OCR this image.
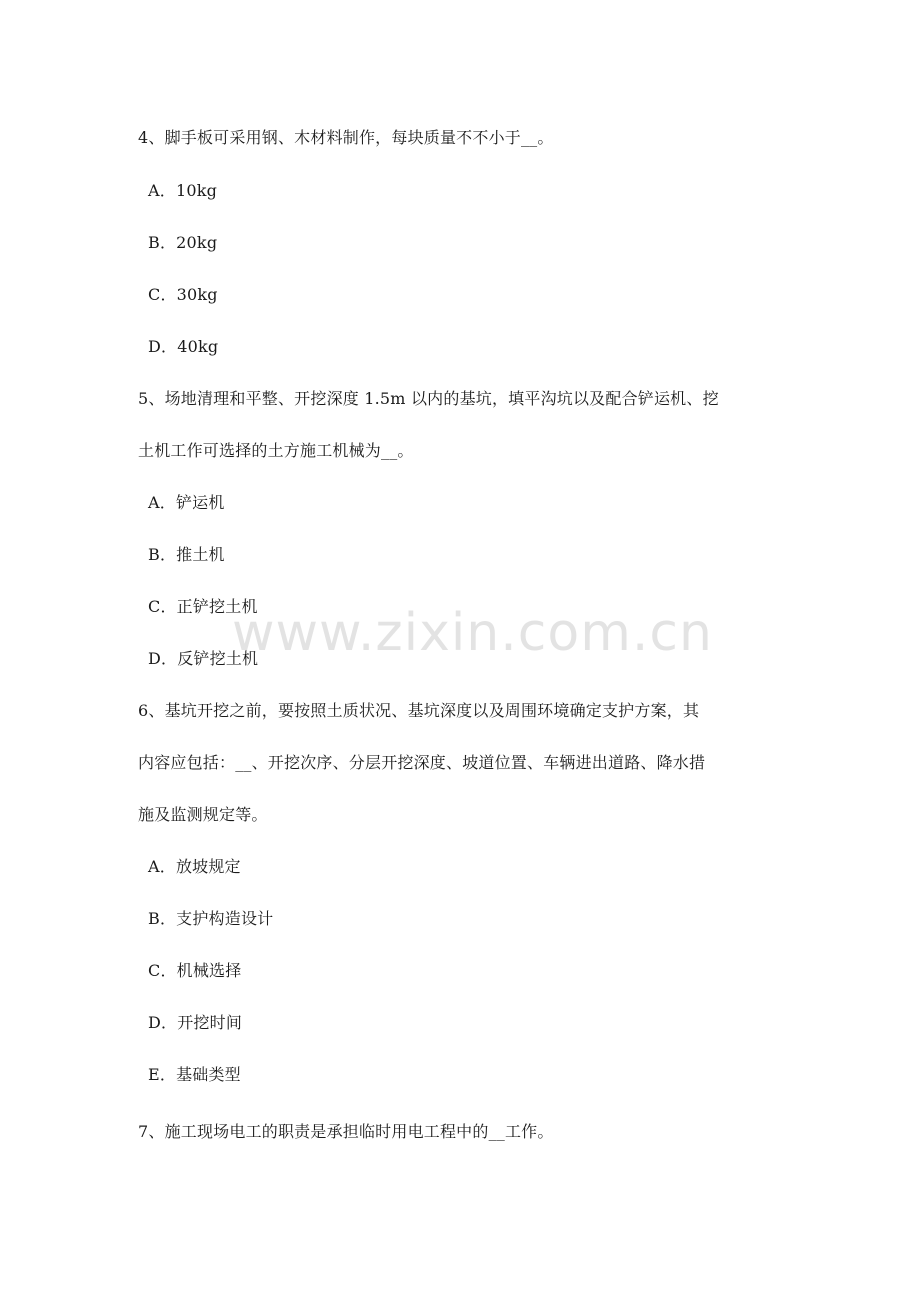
4、脚手板可采用钢、木材料制作，每块质量不不小于__。
A．10kg
B．20kg
C．30kg
D．40kg
5、场地清理和平整、开挖深度 1.5m 以内的基坑，填平沟坑以及配合铲运机、挖
土机工作可选择的土方施工机械为__。
A．铲运机
B．推土机
C．正铲挖土机
D．反铲挖土机
6、基坑开挖之前，要按照土质状况、基坑深度以及周围环境确定支护方案，其
内容应包括：__、开挖次序、分层开挖深度、坡道位置、车辆进出道路、降水措
施及监测规定等。
A．放坡规定
B．支护构造设计
C．机械选择
D．开挖时间
E．基础类型
7、施工现场电工的职责是承担临时用电工程中的__工作。
www.zixin.com.cn
